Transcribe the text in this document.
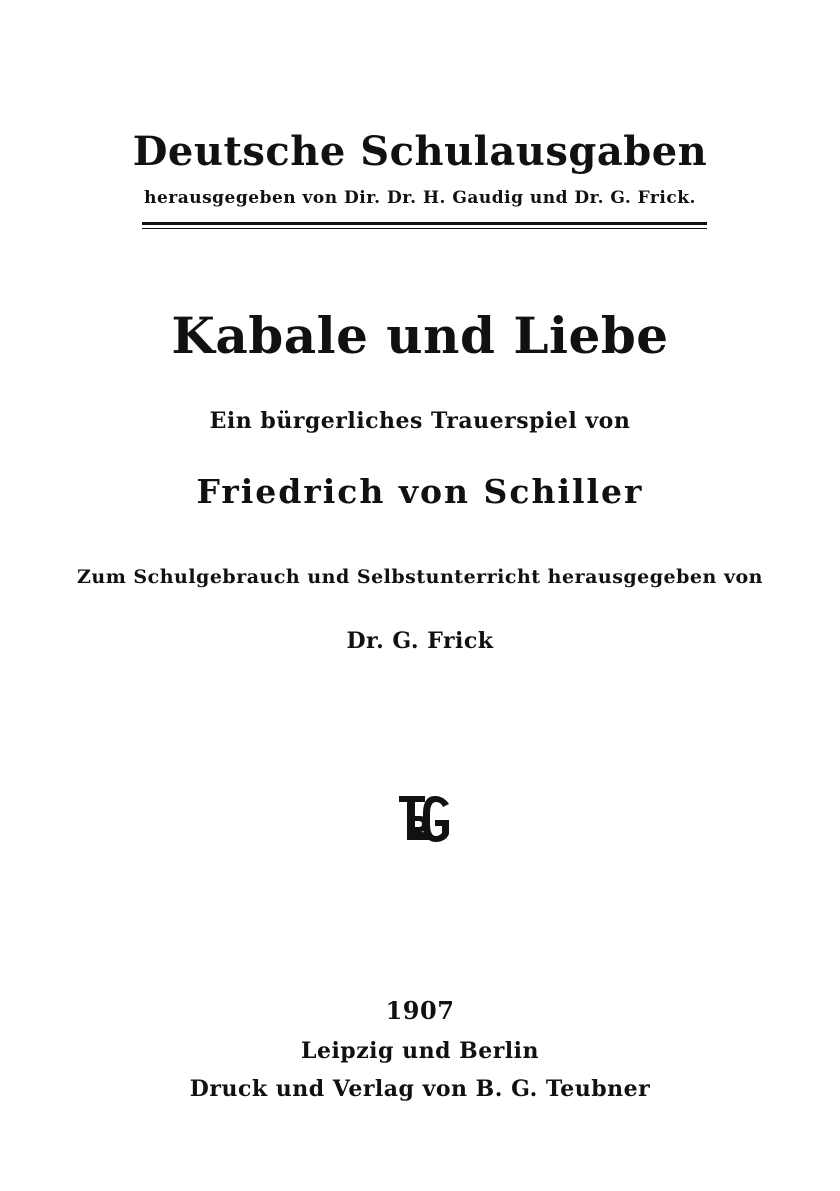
Deutsche Schulausgaben
herausgegeben von Dir. Dr. H. Gaudig und Dr. G. Frick.
Kabale und Liebe
Ein bürgerliches Trauerspiel von
Friedrich von Schiller
Zum Schulgebrauch und Selbstunterricht herausgegeben von
Dr. G. Frick
1907
Leipzig und Berlin
Druck und Verlag von B. G. Teubner
